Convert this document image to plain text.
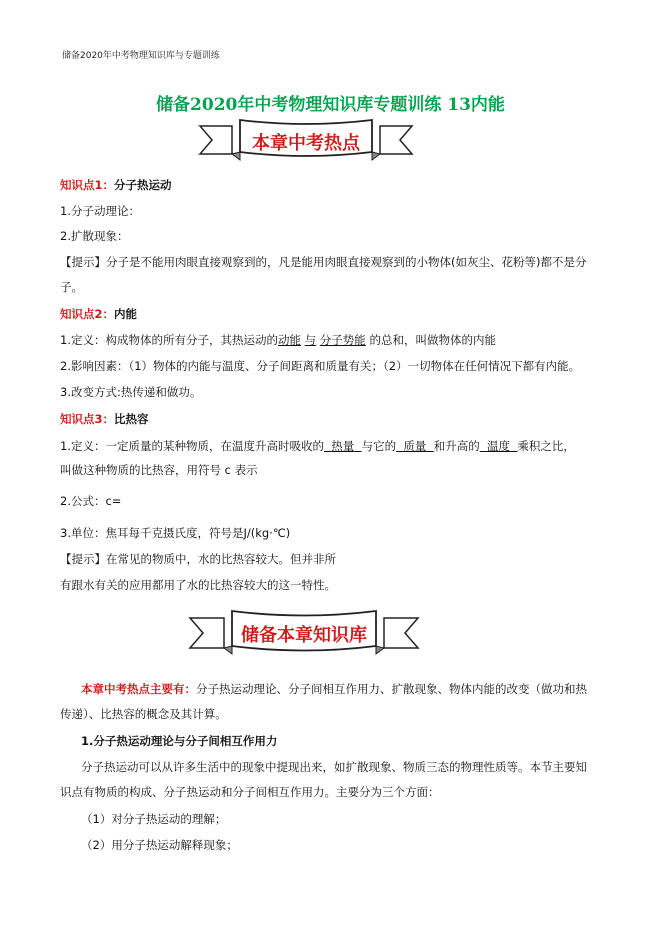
储备2020年中考物理知识库与专题训练
储备2020年中考物理知识库专题训练 13内能
本章中考热点
知识点1：分子热运动
1.分子动理论：
2.扩散现象：
【提示】分子是不能用肉眼直接观察到的，凡是能用肉眼直接观察到的小物体(如灰尘、花粉等)都不是分
子。
知识点2：内能
1.定义：构成物体的所有分子，其热运动的动能 与 分子势能 的总和，叫做物体的内能
2.影响因素：（1）物体的内能与温度、分子间距离和质量有关；（2）一切物体在任何情况下都有内能。
3.改变方式:热传递和做功。
知识点3：比热容
1.定义：一定质量的某种物质，在温度升高时吸收的 热量 与它的 质量 和升高的 温度 乘积之比，
叫做这种物质的比热容，用符号 c 表示
2.公式：c=
3.单位：焦耳每千克摄氏度，符号是J/(kg·℃)
【提示】在常见的物质中，水的比热容较大。但并非所
有跟水有关的应用都用了水的比热容较大的这一特性。
储备本章知识库
本章中考热点主要有：分子热运动理论、分子间相互作用力、扩散现象、物体内能的改变（做功和热
传递）、比热容的概念及其计算。
1.分子热运动理论与分子间相互作用力
分子热运动可以从许多生活中的现象中提现出来，如扩散现象、物质三态的物理性质等。本节主要知
识点有物质的构成、分子热运动和分子间相互作用力。主要分为三个方面：
（1）对分子热运动的理解；
（2）用分子热运动解释现象；
